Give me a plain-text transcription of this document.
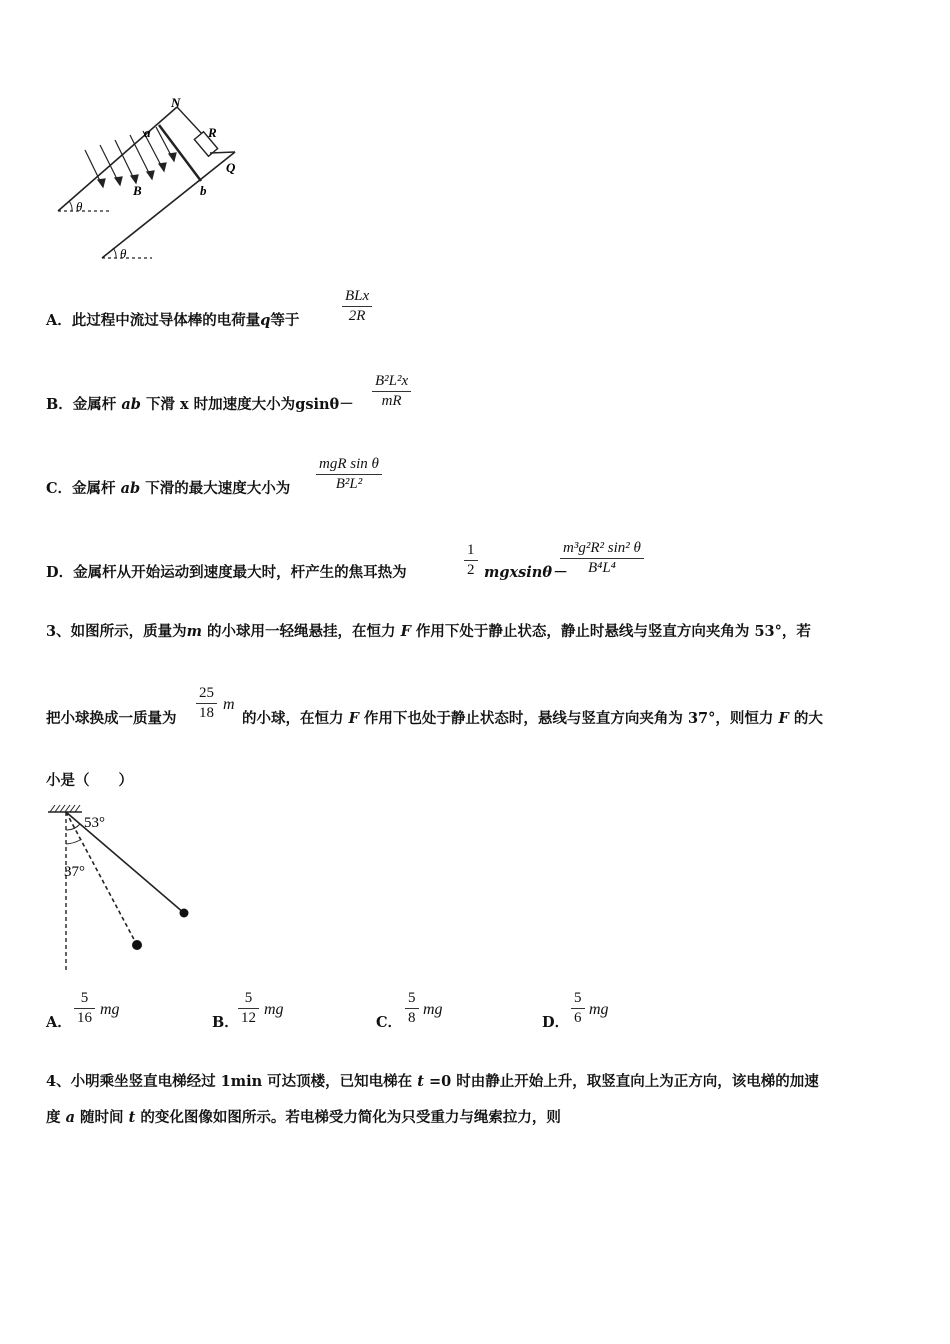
N
R
Q
a
b
B
θ
θ
A．此过程中流过导体棒的电荷量q等于
BLx
2R
B．金属杆 ab 下滑 x 时加速度大小为gsinθ－
B²L²x
mR
C．金属杆 ab 下滑的最大速度大小为
mgR sin θ
B²L²
D．金属杆从开始运动到速度最大时，杆产生的焦耳热为
1
2 mgxsinθ－
m³g²R² sin² θ
B⁴L⁴
3、如图所示，质量为m 的小球用一轻绳悬挂，在恒力 F 作用下处于静止状态，静止时悬线与竖直方向夹角为 53°，若
把小球换成一质量为
25
18 m
的小球，在恒力 F 作用下也处于静止状态时，悬线与竖直方向夹角为 37°，则恒力 F 的大
小是（　　）
53°
37°
A．
5
16 mg
B．
5
12 mg
C．
5
8 mg
D．
5
6 mg
4、小明乘坐竖直电梯经过 1min 可达顶楼，已知电梯在 t =0 时由静止开始上升，取竖直向上为正方向，该电梯的加速
度 a 随时间 t 的变化图像如图所示。若电梯受力简化为只受重力与绳索拉力，则
